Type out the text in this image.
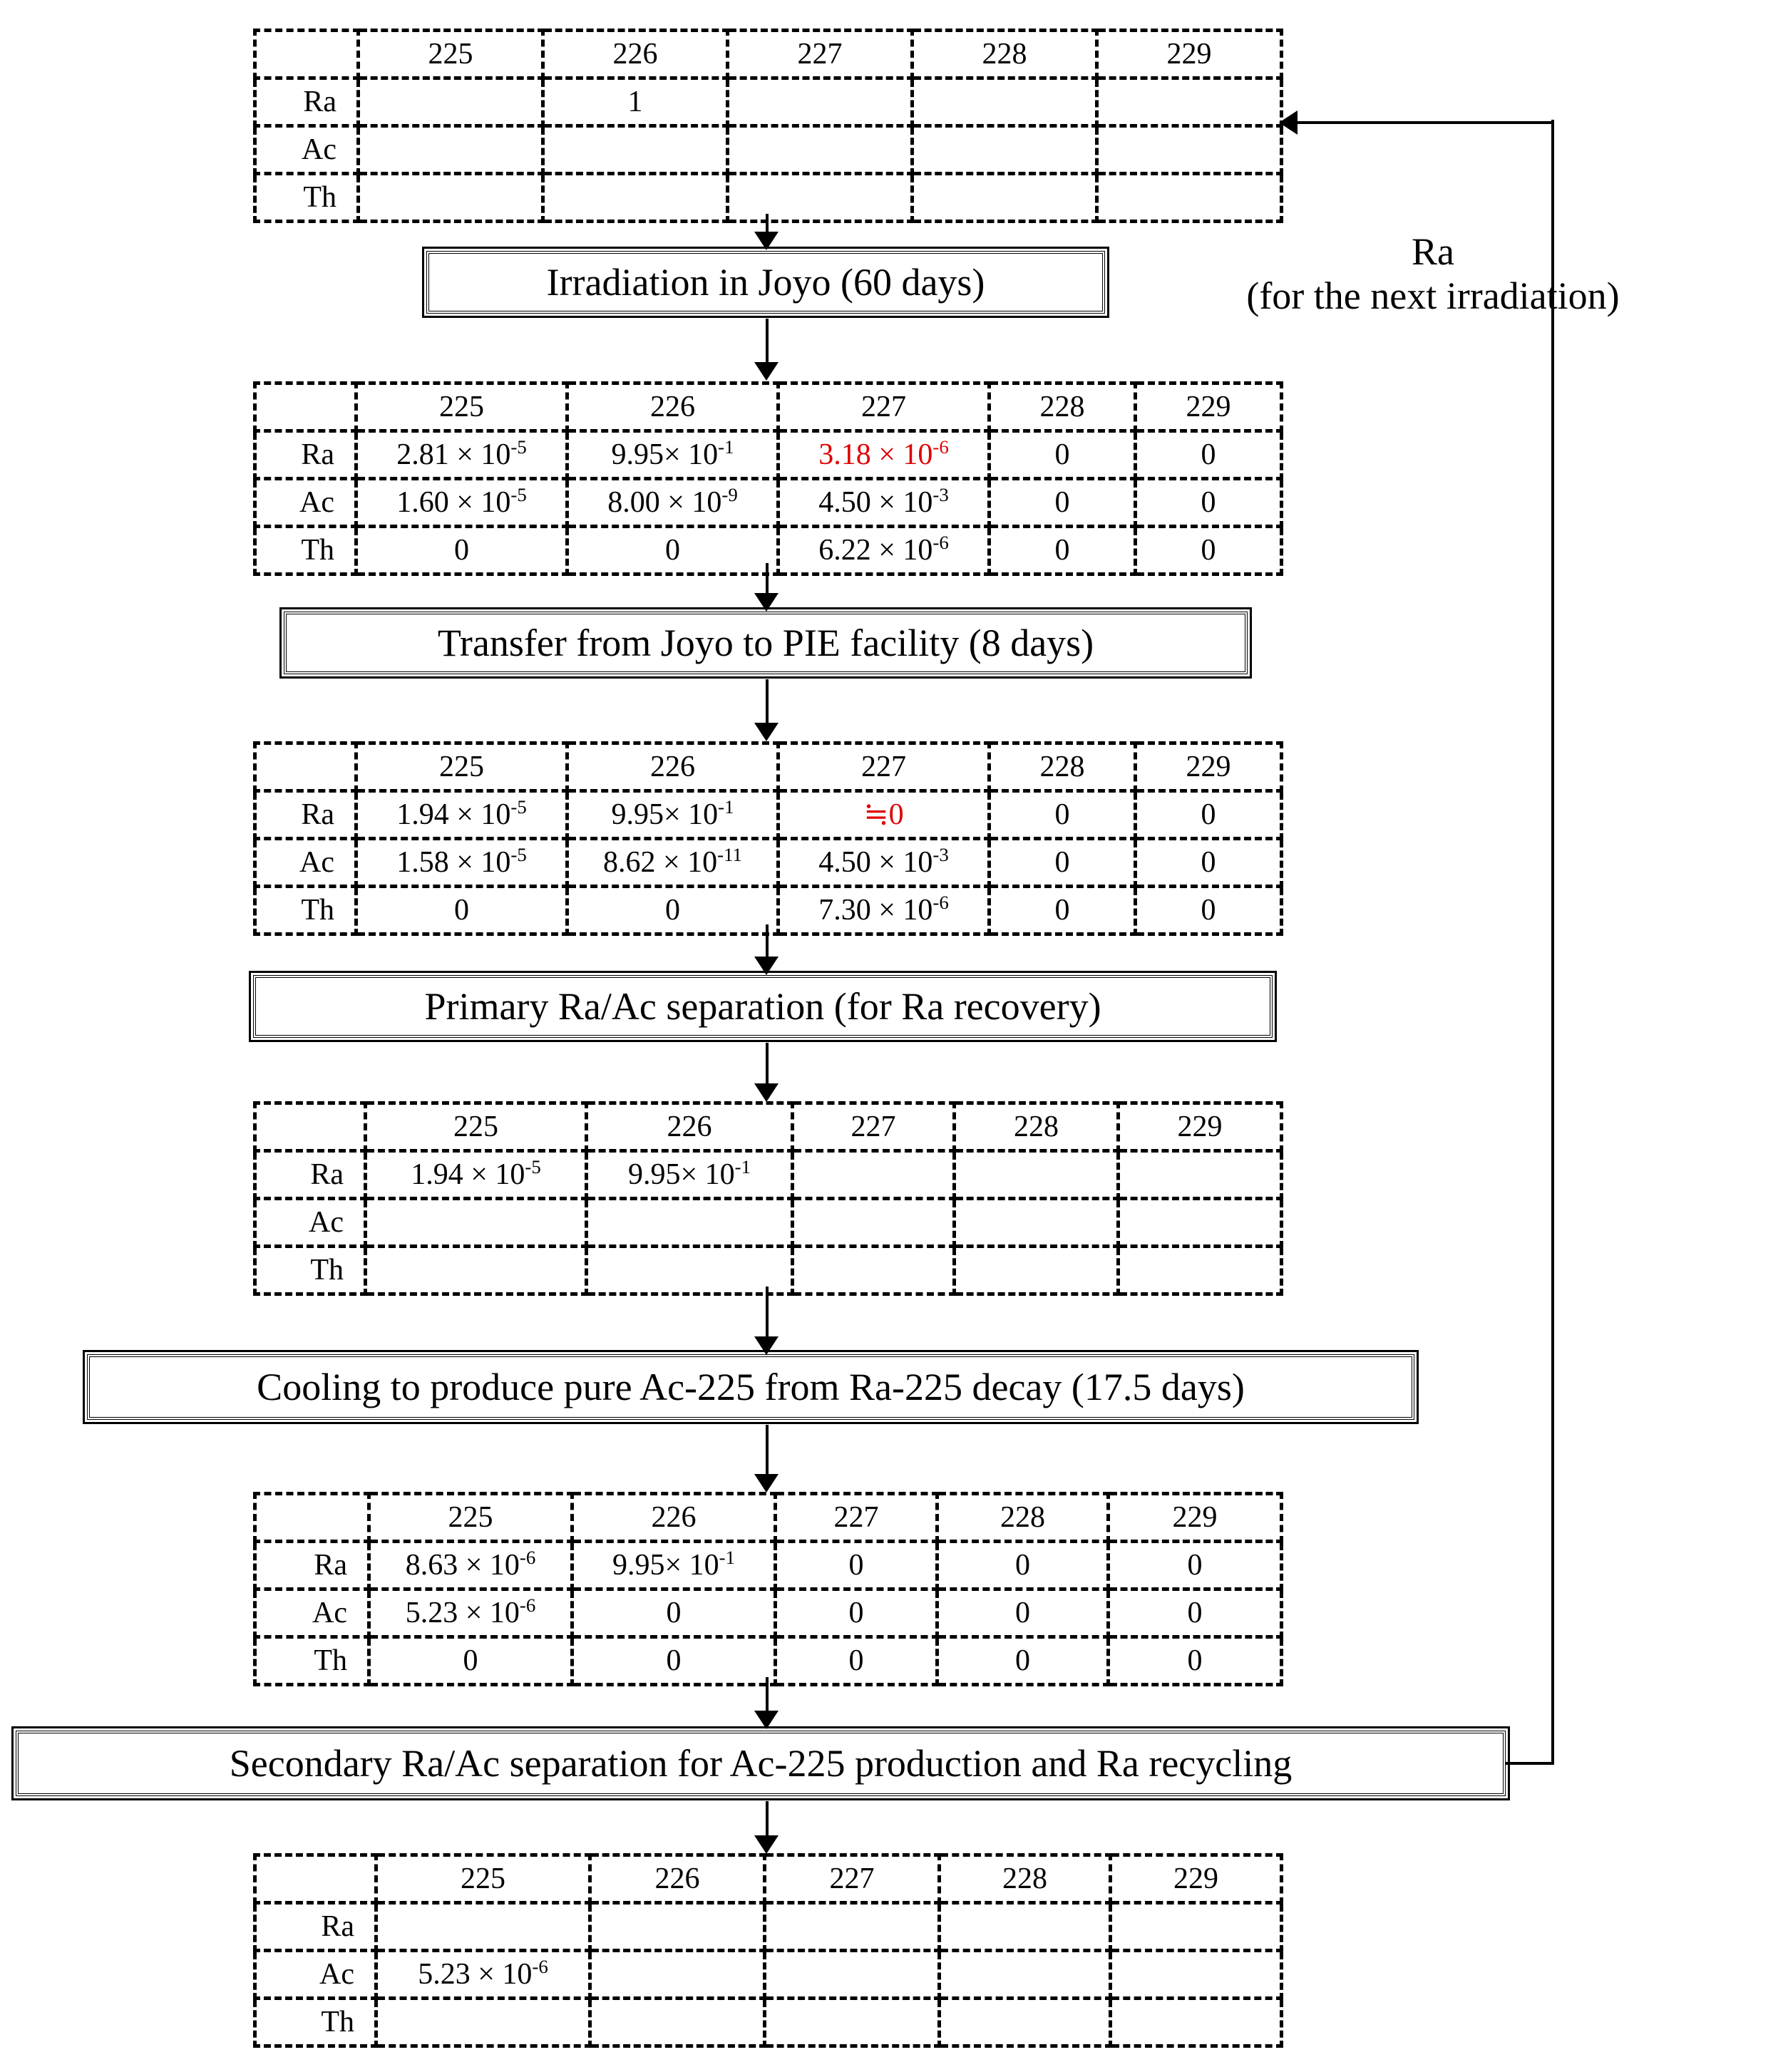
	225	226	227	228	229
Ra		1			
Ac					
Th					
Irradiation in Joyo (60 days)
	225	226	227	228	229
Ra	$2.81 \times 10^{-5}$	$9.95\times 10^{-1}$	$3.18 \times 10^{-6}$	0	0
Ac	$1.60 \times 10^{-5}$	$8.00 \times 10^{-9}$	$4.50 \times 10^{-3}$	0	0
Th	0	0	$6.22 \times 10^{-6}$	0	0
Transfer from Joyo to PIE facility (8 days)
	225	226	227	228	229
Ra	$1.94 \times 10^{-5}$	$9.95\times 10^{-1}$	≒0	0	0
Ac	$1.58 \times 10^{-5}$	$8.62 \times 10^{-11}$	$4.50 \times 10^{-3}$	0	0
Th	0	0	$7.30 \times 10^{-6}$	0	0
Primary Ra/Ac separation (for Ra recovery)
	225	226	227	228	229
Ra	$1.94 \times 10^{-5}$	$9.95\times 10^{-1}$			
Ac					
Th					
Cooling to produce pure Ac-225 from Ra-225 decay (17.5 days)
	225	226	227	228	229
Ra	$8.63 \times 10^{-6}$	$9.95\times 10^{-1}$	0	0	0
Ac	$5.23 \times 10^{-6}$	0	0	0	0
Th	0	0	0	0	0
Secondary Ra/Ac separation for Ac-225 production and Ra recycling
	225	226	227	228	229
Ra					
Ac	$5.23 \times 10^{-6}$				
Th					
Ra
(for the next irradiation)
